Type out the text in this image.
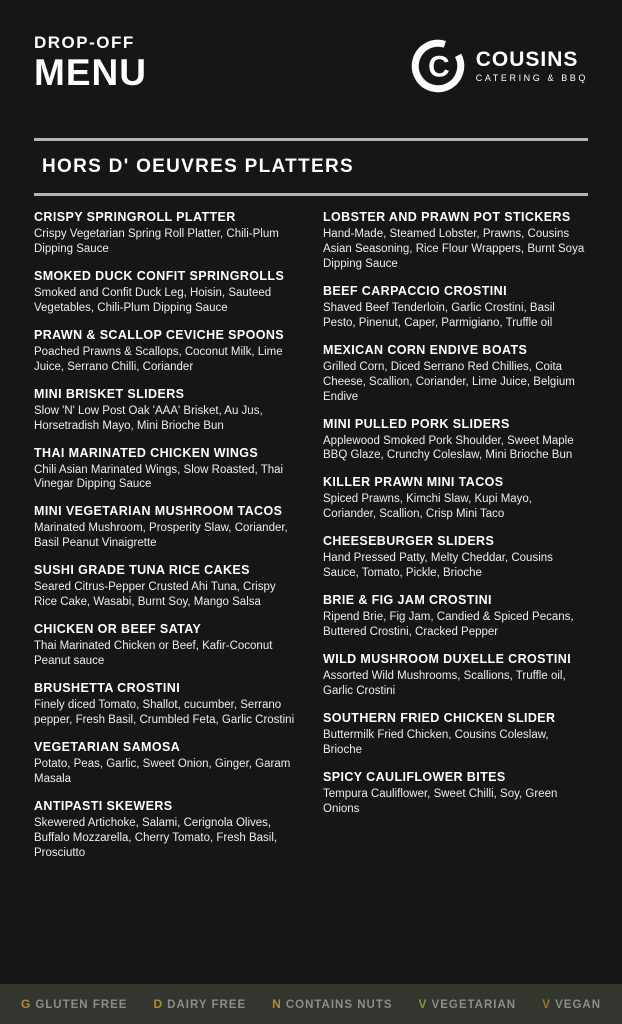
DROP-OFF
MENU	C COUSINS
CATERING & BBQ
HORS D' OEUVRES PLATTERS
CRISPY SPRINGROLL PLATTER

Crispy Vegetarian Spring Roll Platter, Chili-Plum Dipping Sauce

SMOKED DUCK CONFIT SPRINGROLLS

Smoked and Confit Duck Leg, Hoisin, Sauteed Vegetables, Chili-Plum Dipping Sauce

PRAWN & SCALLOP CEVICHE SPOONS

Poached Prawns & Scallops, Coconut Milk, Lime Juice, Serrano Chilli, Coriander

MINI BRISKET SLIDERS

Slow 'N' Low Post Oak 'AAA' Brisket, Au Jus, Horsetradish Mayo, Mini Brioche Bun

THAI MARINATED CHICKEN WINGS

Chili Asian Marinated Wings, Slow Roasted, Thai Vinegar Dipping Sauce

MINI VEGETARIAN MUSHROOM TACOS

Marinated Mushroom, Prosperity Slaw, Coriander, Basil Peanut Vinaigrette

SUSHI GRADE TUNA RICE CAKES

Seared Citrus-Pepper Crusted Ahi Tuna, Crispy Rice Cake, Wasabi, Burnt Soy, Mango Salsa

CHICKEN OR BEEF SATAY

Thai Marinated Chicken or Beef, Kafir-Coconut Peanut sauce

BRUSHETTA CROSTINI

Finely diced Tomato, Shallot, cucumber, Serrano pepper, Fresh Basil, Crumbled Feta, Garlic Crostini

VEGETARIAN SAMOSA

Potato, Peas, Garlic, Sweet Onion, Ginger, Garam Masala

ANTIPASTI SKEWERS

Skewered Artichoke, Salami, Cerignola Olives, Buffalo Mozzarella, Cherry Tomato, Fresh Basil, Prosciutto

LOBSTER AND PRAWN POT STICKERS

Hand-Made, Steamed Lobster, Prawns, Cousins Asian Seasoning, Rice Flour Wrappers, Burnt Soya Dipping Sauce

BEEF CARPACCIO CROSTINI

Shaved Beef Tenderloin, Garlic Crostini, Basil Pesto, Pinenut, Caper, Parmigiano, Truffle oil

MEXICAN CORN ENDIVE BOATS

Grilled Corn, Diced Serrano Red Chillies, Coita Cheese, Scallion, Coriander, Lime Juice, Belgium Endive

MINI PULLED PORK SLIDERS

Applewood Smoked Pork Shoulder, Sweet Maple BBQ Glaze, Crunchy Coleslaw, Mini Brioche Bun

KILLER PRAWN MINI TACOS

Spiced Prawns, Kimchi Slaw, Kupi Mayo, Coriander, Scallion, Crisp Mini Taco

CHEESEBURGER SLIDERS

Hand Pressed Patty, Melty Cheddar, Cousins Sauce, Tomato, Pickle, Brioche

BRIE & FIG JAM CROSTINI

Ripend Brie, Fig Jam, Candied & Spiced Pecans, Buttered Crostini, Cracked Pepper

WILD MUSHROOM DUXELLE CROSTINI

Assorted Wild Mushrooms, Scallions, Truffle oil, Garlic Crostini

SOUTHERN FRIED CHICKEN SLIDER

Buttermilk Fried Chicken, Cousins Coleslaw, Brioche

SPICY CAULIFLOWER BITES

Tempura Cauliflower, Sweet Chilli, Soy, Green Onions

G GLUTEN FREE D DAIRY FREE N CONTAINS NUTS V VEGETARIAN V VEGAN
